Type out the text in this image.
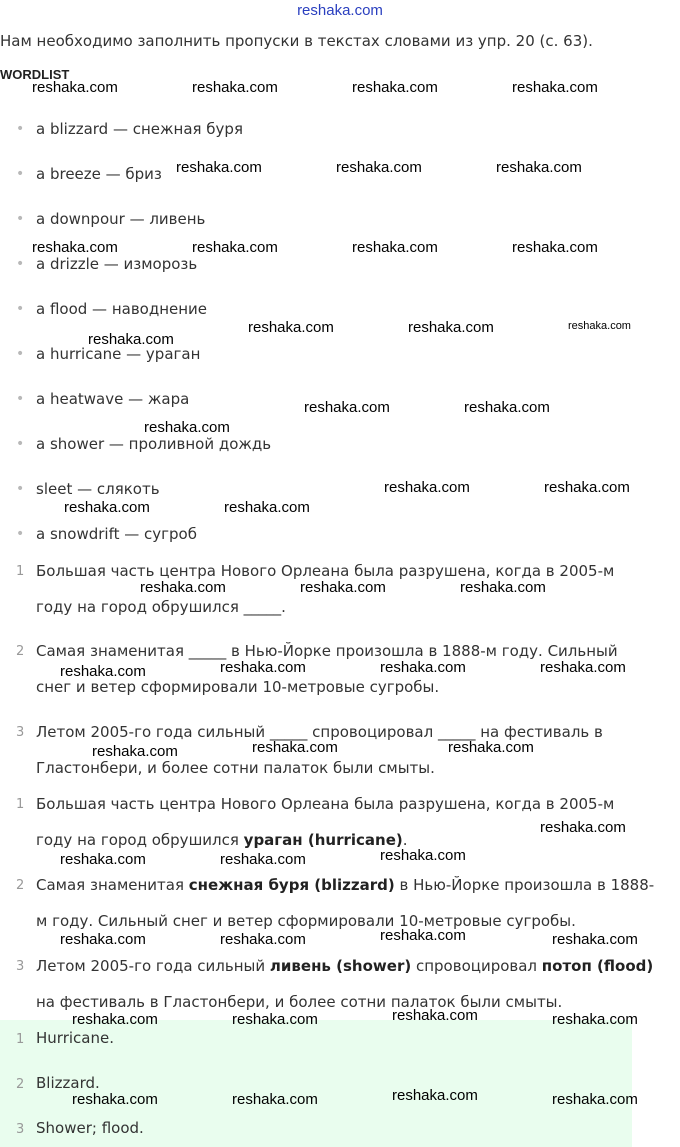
reshaka.com
Нам необходимо заполнить пропуски в текстах словами из упр. 20 (с. 63).
WORDLIST
• a blizzard — снежная буря
• a breeze — бриз
• a downpour — ливень
• a drizzle — изморозь
• a flood — наводнение
• a hurricane — ураган
• a heatwave — жара
• a shower — проливной дождь
• sleet — слякоть
• a snowdrift — сугроб
1 Большая часть центра Нового Орлеана была разрушена, когда в 2005-м
году на город обрушился _____.
2 Самая знаменитая _____ в Нью-Йорке произошла в 1888-м году. Сильный
снег и ветер сформировали 10-метровые сугробы.
3 Летом 2005-го года сильный _____ спровоцировал _____ на фестиваль в
Гластонбери, и более сотни палаток были смыты.
1 Большая часть центра Нового Орлеана была разрушена, когда в 2005-м
году на город обрушился ураган (hurricane).
2 Самая знаменитая снежная буря (blizzard) в Нью-Йорке произошла в 1888-
м году. Сильный снег и ветер сформировали 10-метровые сугробы.
3 Летом 2005-го года сильный ливень (shower) спровоцировал потоп (flood)
на фестиваль в Гластонбери, и более сотни палаток были смыты.
1 Hurricane.
2 Blizzard.
3 Shower; flood.
reshaka.com	reshaka.com	reshaka.com	reshaka.com
reshaka.com	reshaka.com	reshaka.com
reshaka.com	reshaka.com	reshaka.com	reshaka.com
reshaka.com
reshaka.com	reshaka.com	reshaka.com
reshaka.com
reshaka.com	reshaka.com
reshaka.com	reshaka.com
reshaka.com	reshaka.com
reshaka.com	reshaka.com	reshaka.com
reshaka.com	reshaka.com	reshaka.com	reshaka.com
reshaka.com	reshaka.com	reshaka.com
reshaka.com
reshaka.com	reshaka.com	reshaka.com
reshaka.com	reshaka.com	reshaka.com	reshaka.com
reshaka.com	reshaka.com	reshaka.com	reshaka.com
reshaka.com	reshaka.com	reshaka.com	reshaka.com
